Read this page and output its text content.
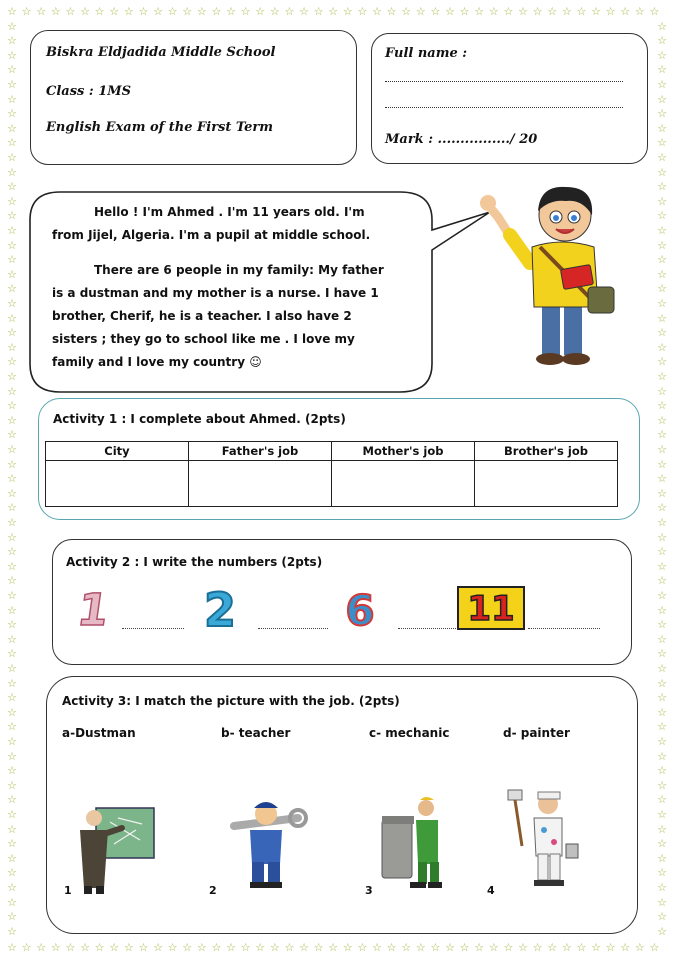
☆
☆
☆
☆
☆
☆
☆
☆
☆
☆
☆
☆
☆
☆
☆
☆
☆
☆
☆
☆
☆
☆
☆
☆
☆
☆
☆
☆
☆
☆
☆
☆
☆
☆
☆
☆
☆
☆
☆
☆
☆
☆
☆
☆
☆
☆
☆
☆
☆
☆
☆
☆
☆
☆
☆
☆
☆
☆
☆
☆
☆
☆
☆
☆
☆
☆
☆
☆
☆
☆
☆
☆
☆
☆
☆
☆
☆
☆
☆
☆
☆
☆
☆
☆
☆
☆
☆
☆
☆
☆
☆	☆
☆	☆
☆	☆
☆	☆
☆	☆
☆	☆
☆	☆
☆	☆
☆	☆
☆	☆
☆	☆
☆	☆
☆	☆
☆	☆
☆	☆
☆	☆
☆	☆
☆	☆
☆	☆
☆	☆
☆	☆
☆	☆
☆	☆
☆	☆
☆	☆
☆	☆
☆	☆
☆	☆
☆	☆
☆	☆
☆	☆
☆	☆
☆	☆
☆	☆
☆	☆
☆	☆
☆	☆
☆	☆
☆	☆
☆	☆
☆	☆
☆	☆
☆	☆
☆	☆
☆	☆
☆	☆
☆	☆
☆	☆
☆	☆
☆	☆
☆	☆
☆	☆
☆	☆
☆	☆
☆	☆
☆	☆
☆	☆
☆	☆
☆	☆
☆	☆
☆	☆
☆	☆
☆	☆
Biskra Eldjadida Middle School
Class : 1MS
English Exam of the First Term
Full name :
Mark : ................/ 20
Hello ! I'm Ahmed . I'm 11 years old. I'm
from Jijel, Algeria. I'm a pupil at middle school.
There are 6 people in my family: My father
is a dustman and my mother is a nurse. I have 1
brother, Cherif, he is a teacher. I also have 2
sisters ; they go to school like me . I love my
family and I love my country ☺
Activity 1 : I complete about Ahmed. (2pts)
City	Father's job	Mother's job	Brother's job

Activity 2 : I write the numbers (2pts)
1	2	6	11
Activity 3: I match the picture with the job. (2pts)
a-Dustman	b- teacher	c- mechanic	d- painter
1	2	3	4
